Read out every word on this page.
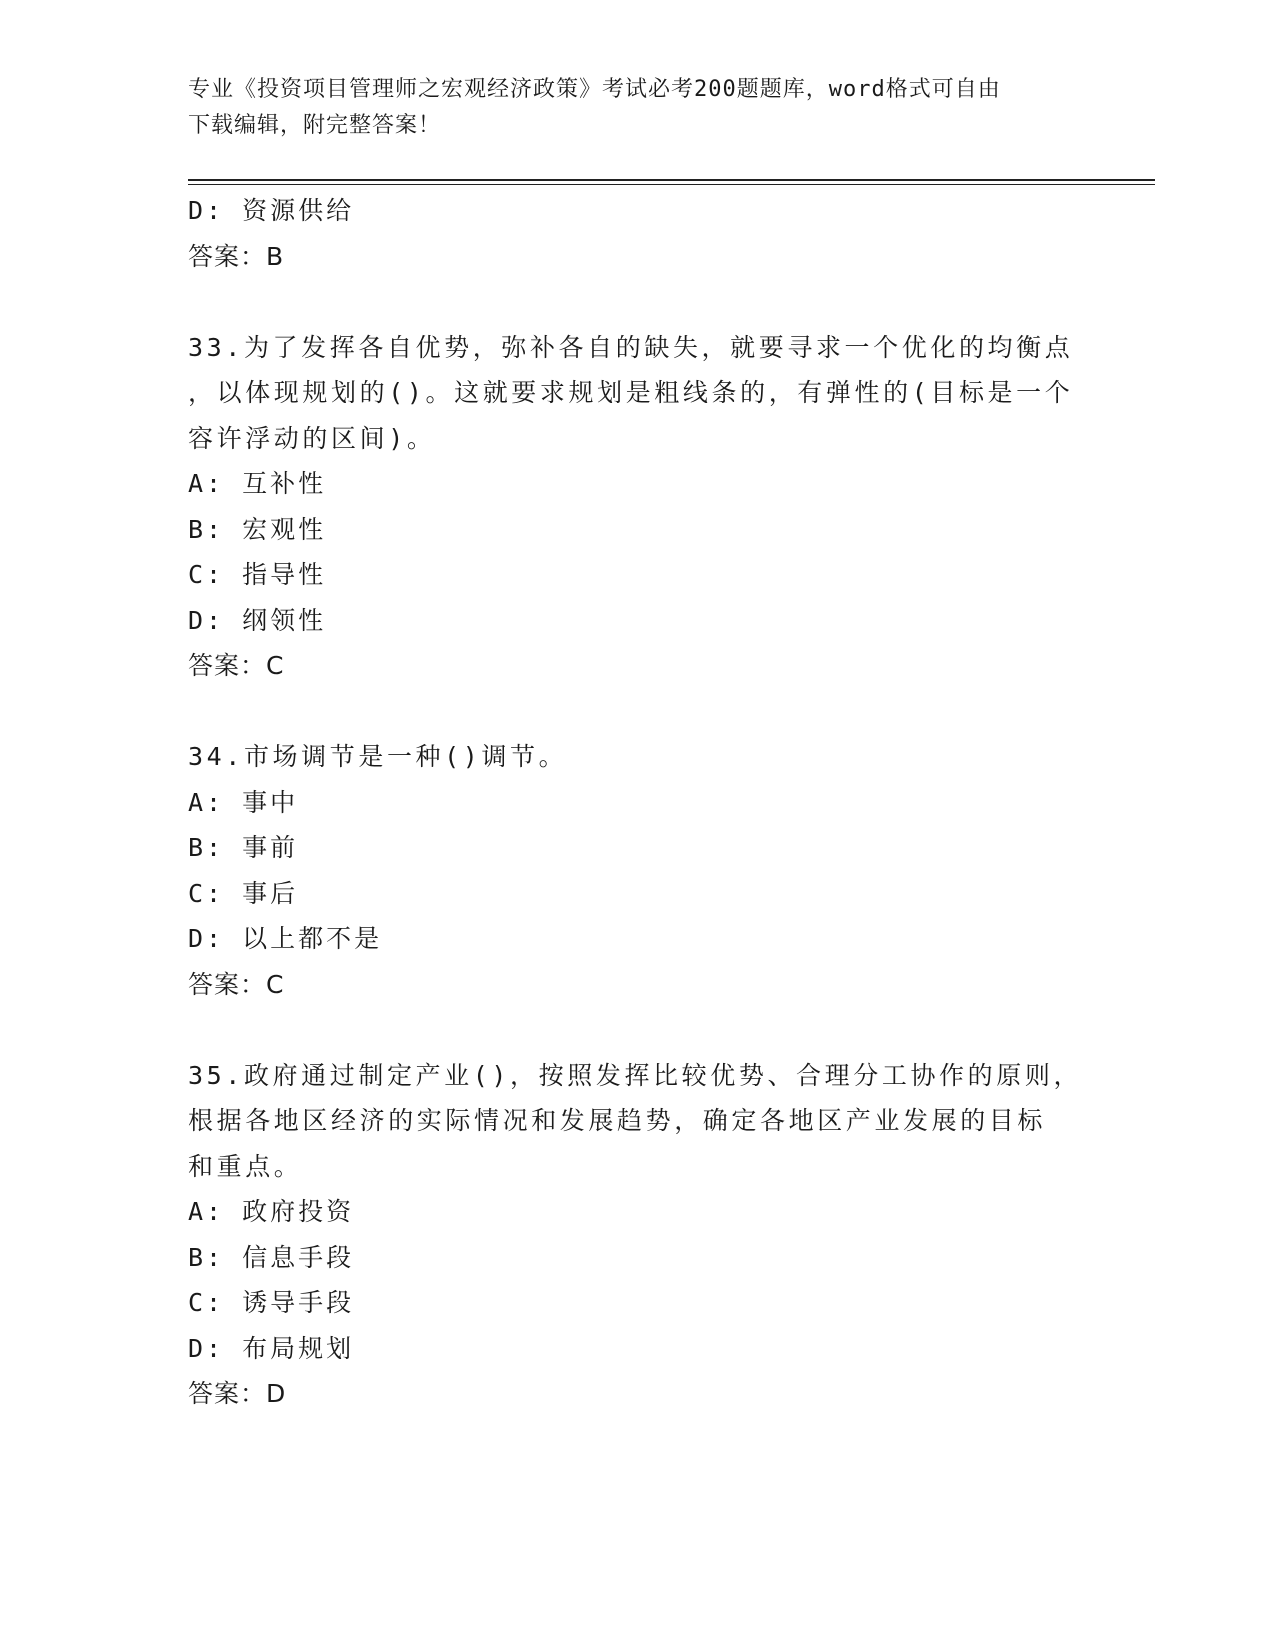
专业《投资项目管理师之宏观经济政策》考试必考200题题库，word格式可自由
下载编辑，附完整答案！
D: 资源供给
答案：B
33.为了发挥各自优势，弥补各自的缺失，就要寻求一个优化的均衡点
，以体现规划的()。这就要求规划是粗线条的，有弹性的(目标是一个
容许浮动的区间)。
A: 互补性
B: 宏观性
C: 指导性
D: 纲领性
答案：C
34.市场调节是一种()调节。
A: 事中
B: 事前
C: 事后
D: 以上都不是
答案：C
35.政府通过制定产业()，按照发挥比较优势、合理分工协作的原则，
根据各地区经济的实际情况和发展趋势，确定各地区产业发展的目标
和重点。
A: 政府投资
B: 信息手段
C: 诱导手段
D: 布局规划
答案：D
